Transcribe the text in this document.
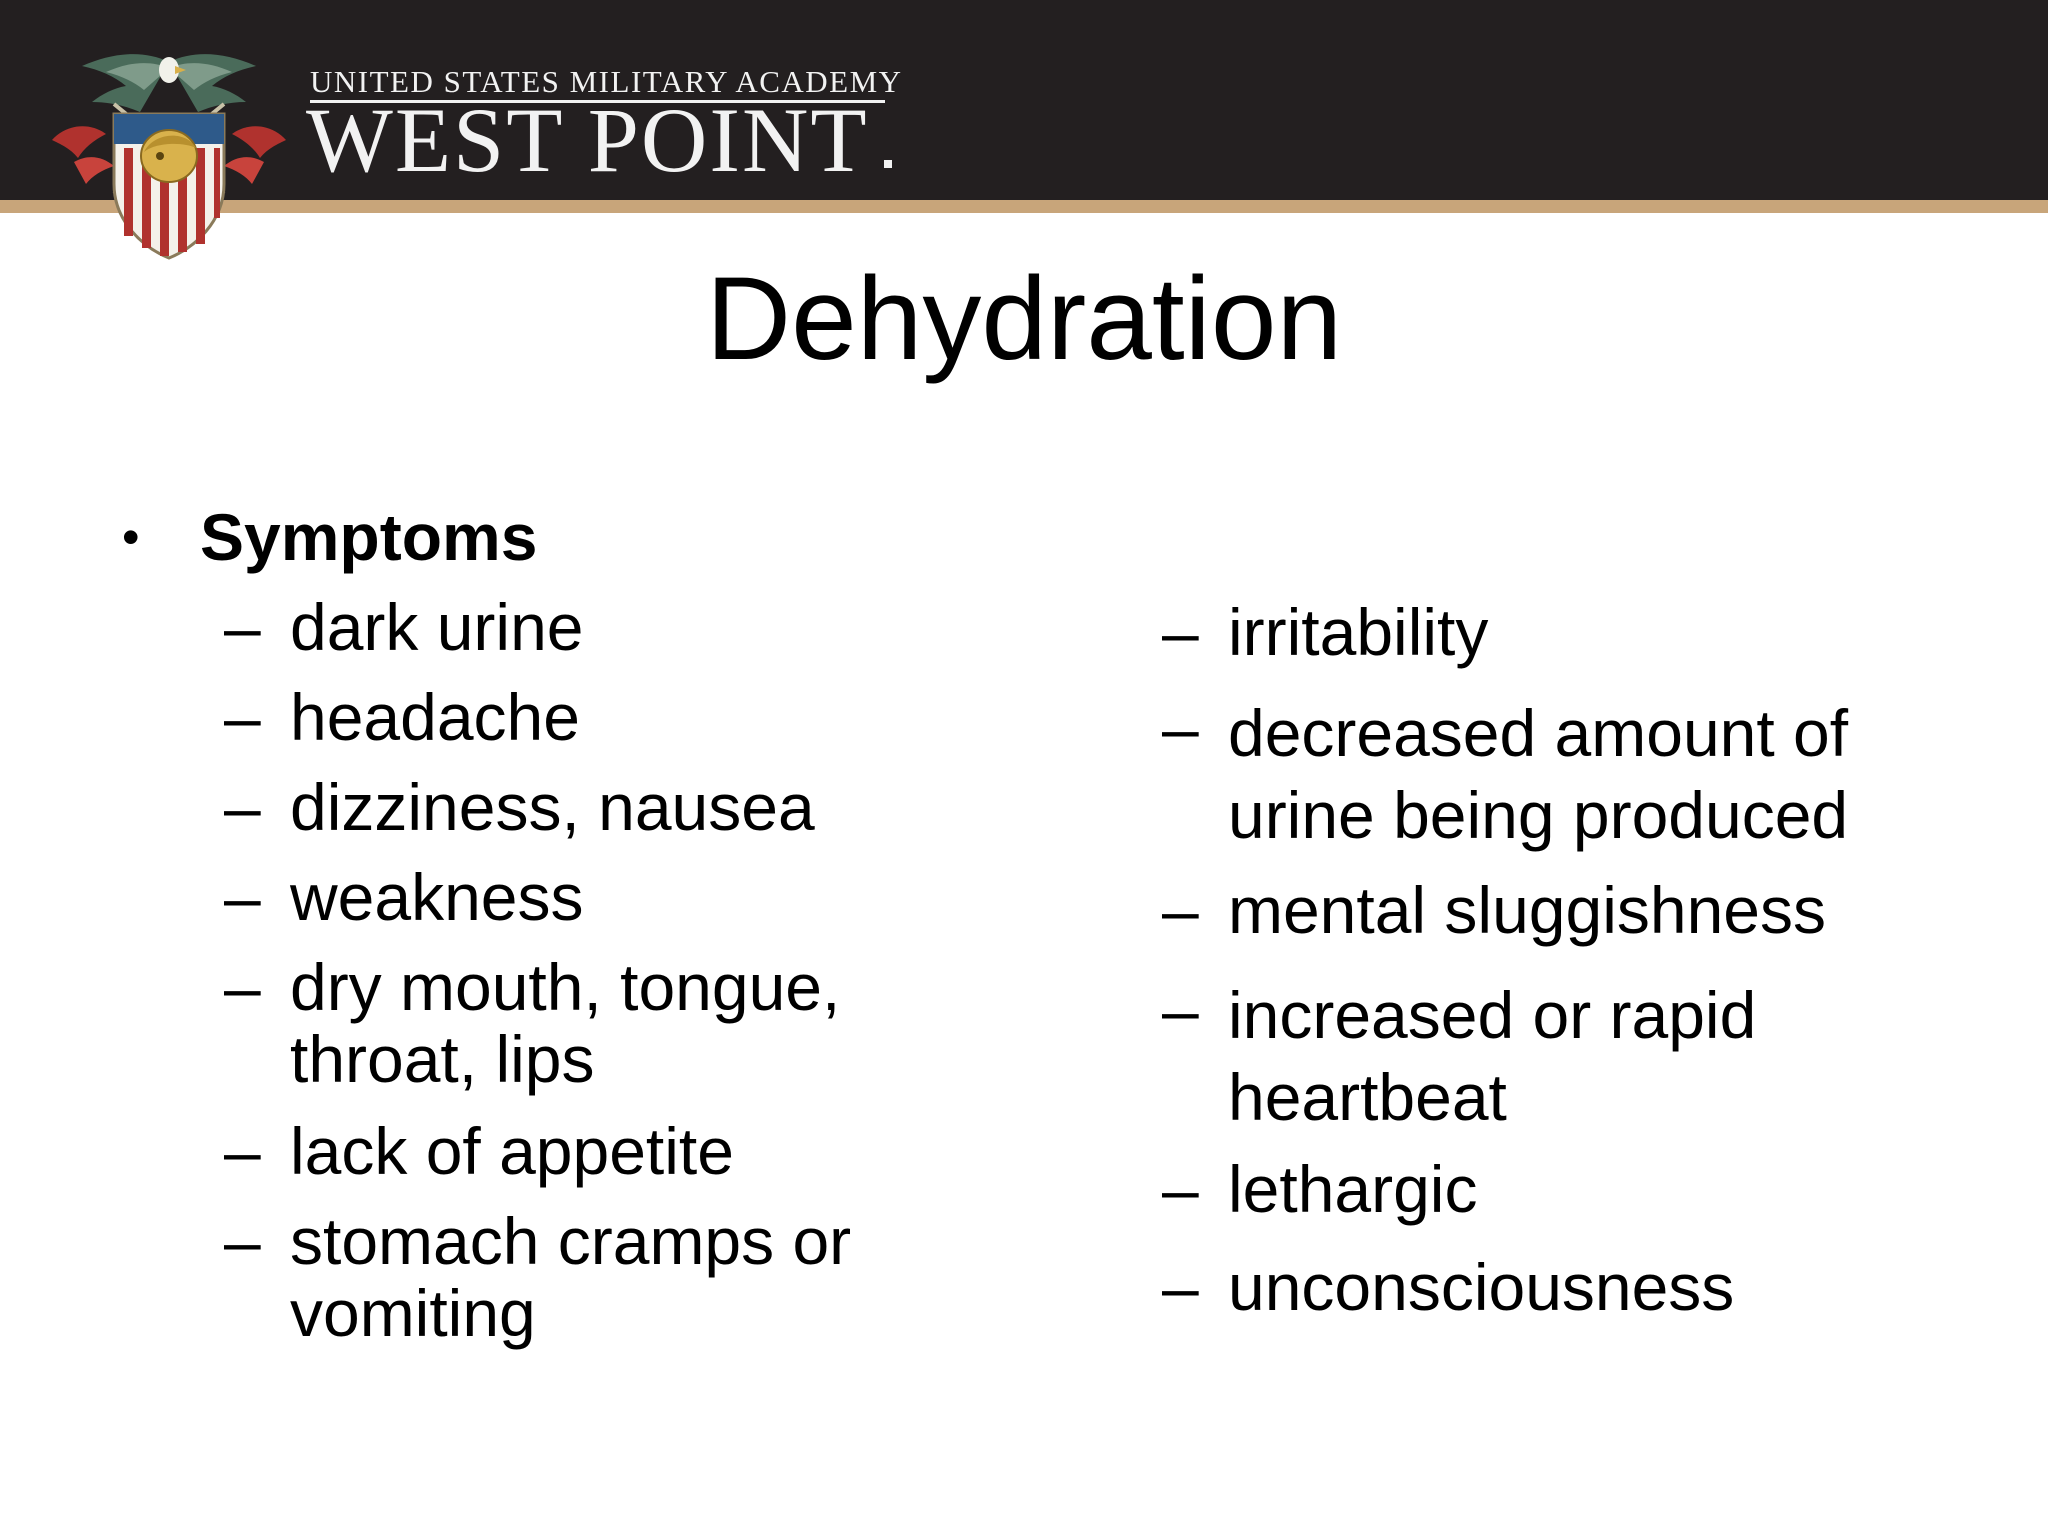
UNITED STATES MILITARY ACADEMY
WEST POINT
Dehydration
• Symptoms
– dark urine
– headache
– dizziness, nausea
– weakness
– dry mouth, tongue,
throat, lips
– lack of appetite
– stomach cramps or
vomiting
– irritability
– decreased amount of
urine being produced
– mental sluggishness
– increased or rapid
heartbeat
– lethargic
– unconsciousness
